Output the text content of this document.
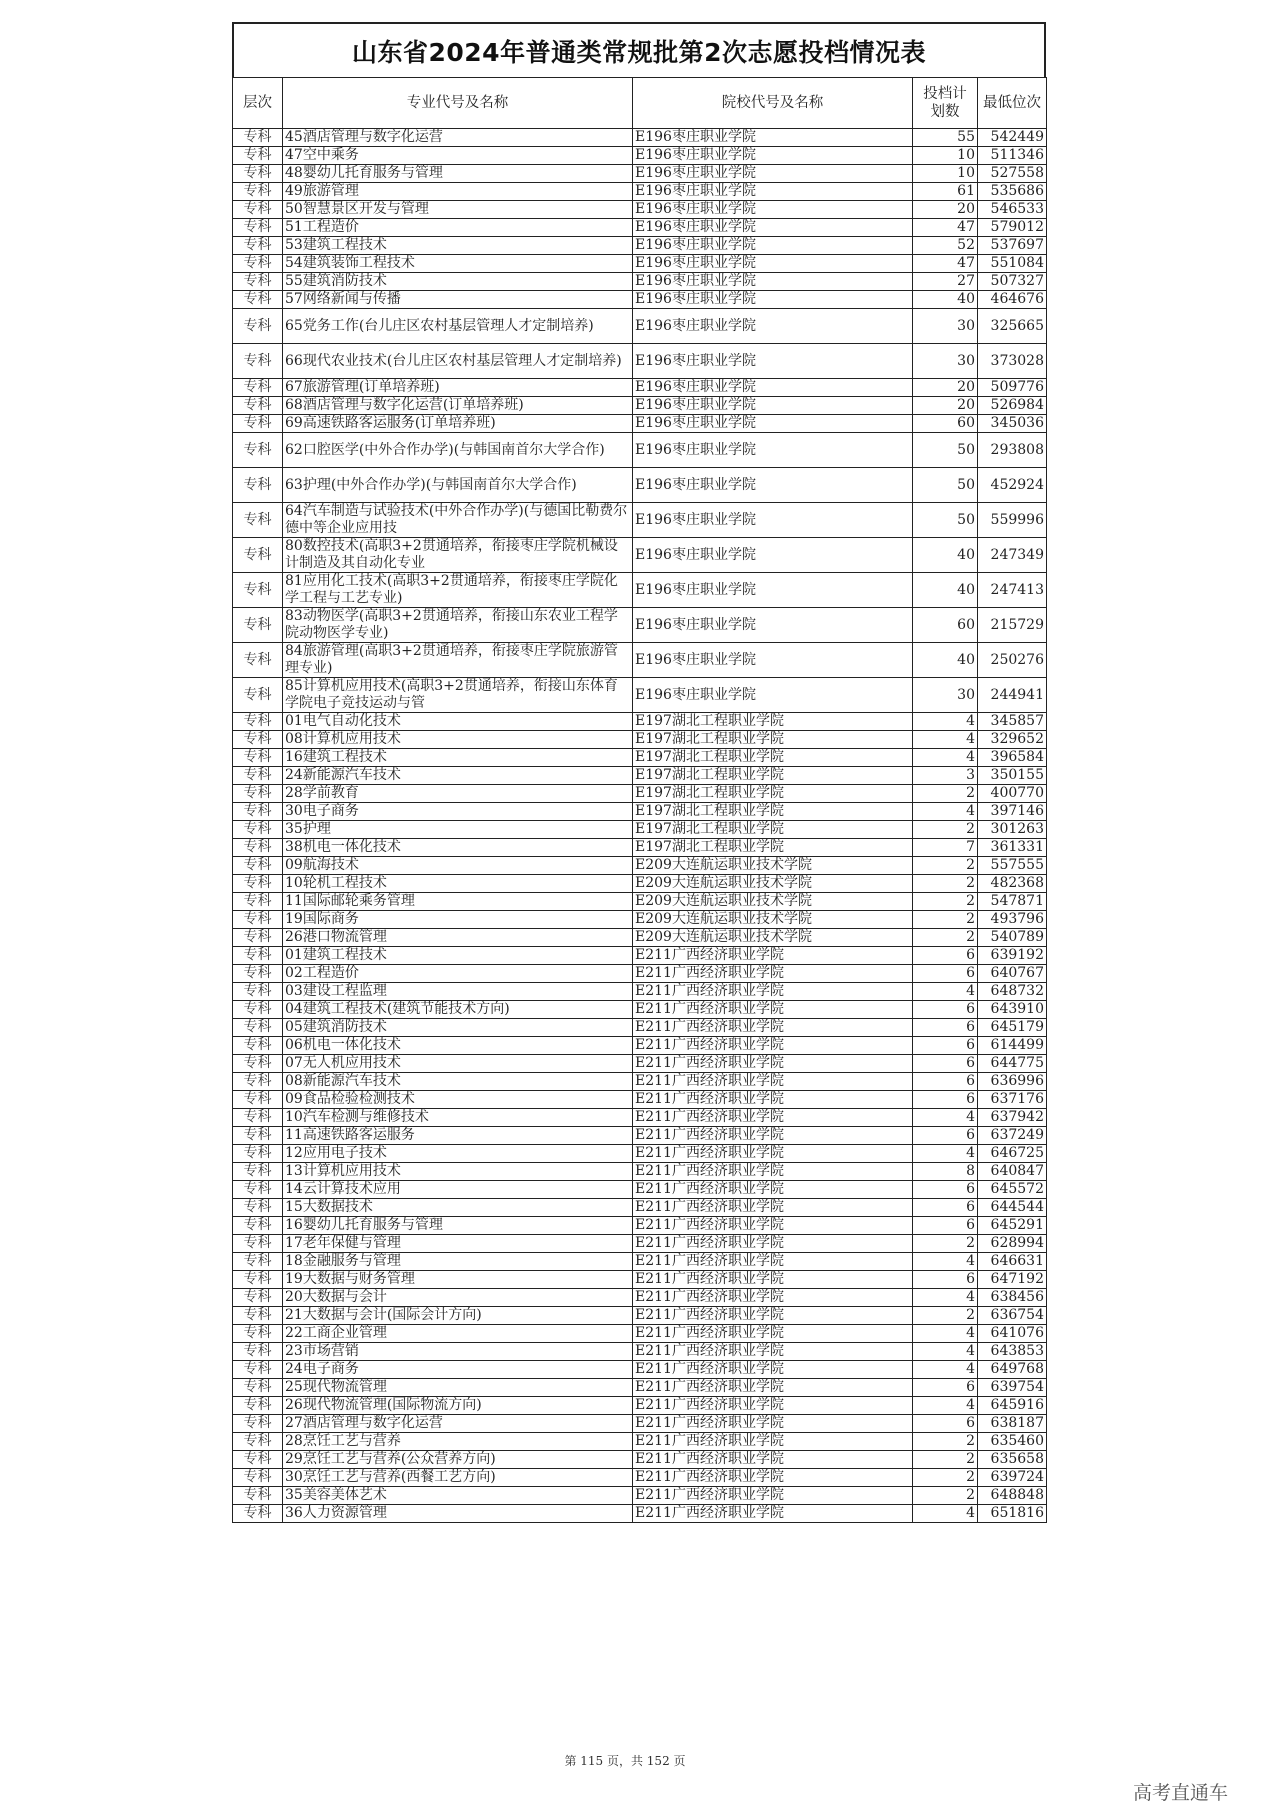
山东省2024年普通类常规批第2次志愿投档情况表
层次	专业代号及名称	院校代号及名称	投档计划数	最低位次
专科	45酒店管理与数字化运营	E196枣庄职业学院	55	542449
专科	47空中乘务	E196枣庄职业学院	10	511346
专科	48婴幼儿托育服务与管理	E196枣庄职业学院	10	527558
专科	49旅游管理	E196枣庄职业学院	61	535686
专科	50智慧景区开发与管理	E196枣庄职业学院	20	546533
专科	51工程造价	E196枣庄职业学院	47	579012
专科	53建筑工程技术	E196枣庄职业学院	52	537697
专科	54建筑装饰工程技术	E196枣庄职业学院	47	551084
专科	55建筑消防技术	E196枣庄职业学院	27	507327
专科	57网络新闻与传播	E196枣庄职业学院	40	464676
专科	65党务工作(台儿庄区农村基层管理人才定制培养)	E196枣庄职业学院	30	325665
专科	66现代农业技术(台儿庄区农村基层管理人才定制培养)	E196枣庄职业学院	30	373028
专科	67旅游管理(订单培养班)	E196枣庄职业学院	20	509776
专科	68酒店管理与数字化运营(订单培养班)	E196枣庄职业学院	20	526984
专科	69高速铁路客运服务(订单培养班)	E196枣庄职业学院	60	345036
专科	62口腔医学(中外合作办学)(与韩国南首尔大学合作)	E196枣庄职业学院	50	293808
专科	63护理(中外合作办学)(与韩国南首尔大学合作)	E196枣庄职业学院	50	452924
专科	64汽车制造与试验技术(中外合作办学)(与德国比勒费尔德中等企业应用技	E196枣庄职业学院	50	559996
专科	80数控技术(高职3+2贯通培养，衔接枣庄学院机械设计制造及其自动化专业	E196枣庄职业学院	40	247349
专科	81应用化工技术(高职3+2贯通培养，衔接枣庄学院化学工程与工艺专业)	E196枣庄职业学院	40	247413
专科	83动物医学(高职3+2贯通培养，衔接山东农业工程学院动物医学专业)	E196枣庄职业学院	60	215729
专科	84旅游管理(高职3+2贯通培养，衔接枣庄学院旅游管理专业)	E196枣庄职业学院	40	250276
专科	85计算机应用技术(高职3+2贯通培养，衔接山东体育学院电子竞技运动与管	E196枣庄职业学院	30	244941
专科	01电气自动化技术	E197湖北工程职业学院	4	345857
专科	08计算机应用技术	E197湖北工程职业学院	4	329652
专科	16建筑工程技术	E197湖北工程职业学院	4	396584
专科	24新能源汽车技术	E197湖北工程职业学院	3	350155
专科	28学前教育	E197湖北工程职业学院	2	400770
专科	30电子商务	E197湖北工程职业学院	4	397146
专科	35护理	E197湖北工程职业学院	2	301263
专科	38机电一体化技术	E197湖北工程职业学院	7	361331
专科	09航海技术	E209大连航运职业技术学院	2	557555
专科	10轮机工程技术	E209大连航运职业技术学院	2	482368
专科	11国际邮轮乘务管理	E209大连航运职业技术学院	2	547871
专科	19国际商务	E209大连航运职业技术学院	2	493796
专科	26港口物流管理	E209大连航运职业技术学院	2	540789
专科	01建筑工程技术	E211广西经济职业学院	6	639192
专科	02工程造价	E211广西经济职业学院	6	640767
专科	03建设工程监理	E211广西经济职业学院	4	648732
专科	04建筑工程技术(建筑节能技术方向)	E211广西经济职业学院	6	643910
专科	05建筑消防技术	E211广西经济职业学院	6	645179
专科	06机电一体化技术	E211广西经济职业学院	6	614499
专科	07无人机应用技术	E211广西经济职业学院	6	644775
专科	08新能源汽车技术	E211广西经济职业学院	6	636996
专科	09食品检验检测技术	E211广西经济职业学院	6	637176
专科	10汽车检测与维修技术	E211广西经济职业学院	4	637942
专科	11高速铁路客运服务	E211广西经济职业学院	6	637249
专科	12应用电子技术	E211广西经济职业学院	4	646725
专科	13计算机应用技术	E211广西经济职业学院	8	640847
专科	14云计算技术应用	E211广西经济职业学院	6	645572
专科	15大数据技术	E211广西经济职业学院	6	644544
专科	16婴幼儿托育服务与管理	E211广西经济职业学院	6	645291
专科	17老年保健与管理	E211广西经济职业学院	2	628994
专科	18金融服务与管理	E211广西经济职业学院	4	646631
专科	19大数据与财务管理	E211广西经济职业学院	6	647192
专科	20大数据与会计	E211广西经济职业学院	4	638456
专科	21大数据与会计(国际会计方向)	E211广西经济职业学院	2	636754
专科	22工商企业管理	E211广西经济职业学院	4	641076
专科	23市场营销	E211广西经济职业学院	4	643853
专科	24电子商务	E211广西经济职业学院	4	649768
专科	25现代物流管理	E211广西经济职业学院	6	639754
专科	26现代物流管理(国际物流方向)	E211广西经济职业学院	4	645916
专科	27酒店管理与数字化运营	E211广西经济职业学院	6	638187
专科	28烹饪工艺与营养	E211广西经济职业学院	2	635460
专科	29烹饪工艺与营养(公众营养方向)	E211广西经济职业学院	2	635658
专科	30烹饪工艺与营养(西餐工艺方向)	E211广西经济职业学院	2	639724
专科	35美容美体艺术	E211广西经济职业学院	2	648848
专科	36人力资源管理	E211广西经济职业学院	4	651816
第 115 页，共 152 页
高考直通车
